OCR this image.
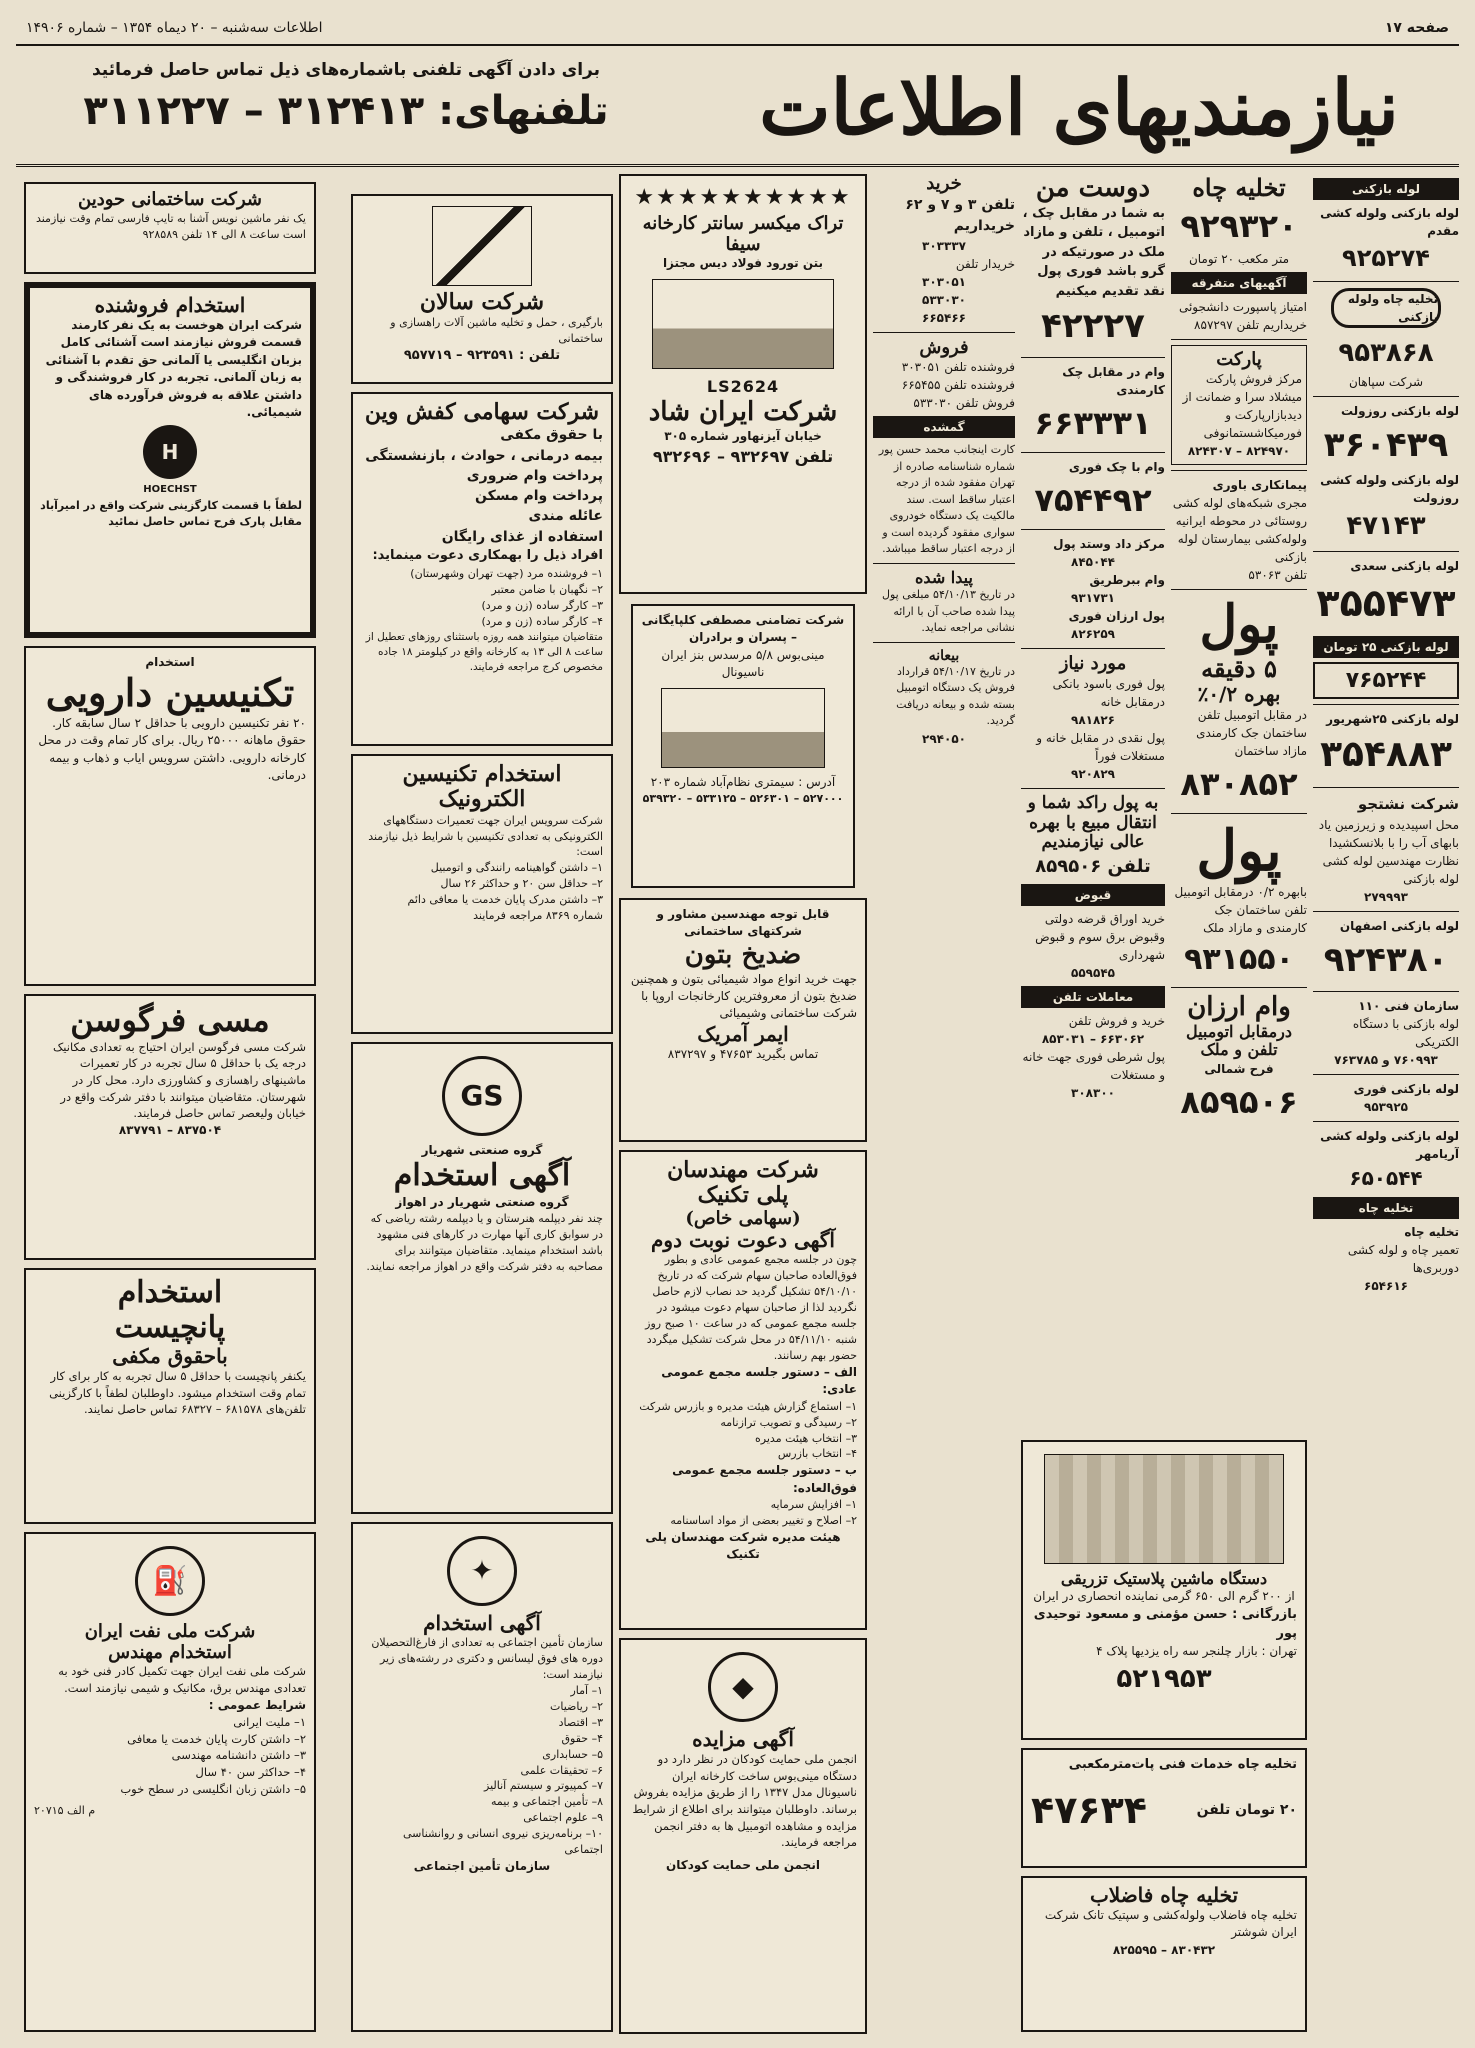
صفحه ۱۷
اطلاعات سه‌شنبه – ۲۰ دیماه ۱۳۵۴ – شماره ۱۴۹۰۶
نیازمندیهای اطلاعات
برای دادن آگهی تلفنی باشماره‌های ذیل تماس حاصل فرمائید
تلفنهای: ۳۱۲۴۱۳ – ۳۱۱۲۲۷
لوله بازکنی
لوله بازکنی ولوله کشی مقدم
۹۲۵۲۷۴
تخلیه چاه ولوله بازکنی
۹۵۳۸۶۸
شرکت سپاهان
لوله بازکنی روزولت
۳۶۰۴۳۹
لوله بازکنی ولوله کشی روزولت
۴۷۱۴۳
لوله بازکنی سعدی
۳۵۵۴۷۳
لوله بازکنی ۲۵ تومان
۷۶۵۲۴۴
لوله بازکنی ۲۵شهریور
۳۵۴۸۸۳
شرکت نشتجو
محل اسپیدیده و زیرزمین یاد بابهای آب را با بلانسکشیدا نظارت مهندسین لوله کشی لوله بازکنی
۲۷۹۹۹۳
لوله بازکنی اصفهان
۹۲۴۳۸۰
سازمان فنی ۱۱۰
لوله بازکنی با دستگاه الکتریکی
۷۶۰۹۹۳ و ۷۶۳۷۸۵
لوله بازکنی فوری
۹۵۳۹۲۵
لوله بازکنی ولوله کشی آریامهر
۶۵۰۵۴۴
تخلیه چاه
تخلیه چاه
تعمیر چاه و لوله کشی دوربری‌ها
۶۵۴۶۱۶
تخلیه چاه
۹۲۹۳۲۰
متر مکعب ۲۰ تومان
آگهیهای متفرقه
امتیاز پاسپورت دانشجوئی خریداریم تلفن ۸۵۷۲۹۷
پارکت
مرکز فروش پارکت میشلاد سرا و ضمانت از دیدبازارپارکت و فورمیکاشستمانوفی
۸۲۴۹۷۰ – ۸۲۴۳۰۷
پیمانکاری باوری
مجری شبکه‌های لوله کشی روستائی در محوطه ایرانیه ولوله‌کشی بیمارستان لوله بازکنی
تلفن ۵۳۰۶۳
پول
۵ دقیقه
بهره ۰/۲٪
در مقابل اتومبیل تلفن ساختمان جک کارمندی مازاد ساختمان
۸۳۰۸۵۲
پول
بابهره ۰/۲ درمقابل اتومبیل تلفن ساختمان جک کارمندی و مازاد ملک
۹۳۱۵۵۰
وام ارزان
درمقابل اتومبیل تلفن و ملک
فرح شمالی
۸۵۹۵۰۶
دستگاه ماشین پلاستیک تزریقی
از ۲۰۰ گرم الی ۶۵۰ گرمی نماینده انحصاری در ایران
بازرگانی : حسن مؤمنی و مسعود توحیدی پور
تهران : بازار چلنجر سه راه یزدیها پلاک ۴
۵۲۱۹۵۳
تخلیه چاه خدمات فنی پات‌مترمکعبی
۲۰ تومان تلفن
۴۷۶۳۴
تخلیه چاه فاضلاب
تخلیه چاه فاضلاب ولوله‌کشی و سپتیک تانک شرکت ایران شوشتر
۸۳۰۴۳۲ – ۸۲۵۵۹۵
دوست من
به شما در مقابل چک ، اتومبیل ، تلفن و مازاد ملک در صورتیکه در گرو باشد فوری پول نقد تقدیم میکنیم
۴۲۲۲۷
وام در مقابل چک کارمندی
۶۶۳۳۳۱
وام با چک فوری
۷۵۴۴۹۲
مرکز داد وستد پول
۸۴۵۰۴۴
وام ببرطریق
۹۳۱۷۳۱
پول ارزان فوری
۸۲۶۲۵۹
مورد نیاز
پول فوری باسود بانکی درمقابل خانه
۹۸۱۸۲۶
پول نقدی در مقابل خانه و مستغلات فوراً
۹۲۰۸۲۹
به پول راکد شما و انتقال مبیع با بهره عالی نیازمندیم
تلفن ۸۵۹۵۰۶
قبوض
خرید اوراق قرضه دولتی وقبوض برق سوم و قبوض شهرداری
۵۵۹۵۴۵
معاملات تلفن
خرید و فروش تلفن
۶۶۳۰۶۲ – ۸۵۳۰۳۱
پول شرطی فوری جهت خانه و مستغلات
۳۰۸۳۰۰
خرید
تلفن ۳ و ۷ و ۶۲ خریداریم
۳۰۳۳۳۷
خریدار تلفن
۳۰۳۰۵۱
۵۳۳۰۳۰
۶۶۵۴۶۶
فروش
فروشنده تلفن ۳۰۳۰۵۱
فروشنده تلفن ۶۶۵۴۵۵
فروش تلفن ۵۳۳۰۳۰
گمشده
کارت اینجانب محمد حسن پور شماره شناسنامه صادره از تهران مفقود شده از درجه اعتبار ساقط است. سند مالکیت یک دستگاه خودروی سواری مفقود گردیده است و از درجه اعتبار ساقط میباشد.
پیدا شده
در تاریخ ۵۴/۱۰/۱۳ مبلغی پول پیدا شده صاحب آن با ارائه نشانی مراجعه نماید.
بیعانه
در تاریخ ۵۴/۱۰/۱۷ قرارداد فروش یک دستگاه اتومبیل بسته شده و بیعانه دریافت گردید.
۲۹۴۰۵۰
★★★★★★★★★★
تراک میکسر سانتر کارخانه سیفا
بتن تورود فولاد دیس مجتزا
LS2624
شرکت ایران شاد
خیابان آیزنهاور شماره ۳۰۵
تلفن ۹۳۲۶۹۷ – ۹۳۲۶۹۶
شرکت تضامنی مصطفی کلپایگانی – پسران و برادران
مینی‌بوس ۵/۸ مرسدس بنز ایران ناسیونال
آدرس : سیمتری نظام‌آباد شماره ۲۰۳
۵۲۷۰۰۰ – ۵۲۶۳۰۱ – ۵۳۳۱۲۵ – ۵۳۹۳۲۰
قابل توجه مهندسین مشاور و شرکتهای ساختمانی
ضدیخ بتون
جهت خرید انواع مواد شیمیائی بتون و همچنین ضدیخ بتون از معروفترین کارخانجات اروپا با شرکت ساختمانی وشیمیائی
ایمر آمریک
تماس بگیرید ۴۷۶۵۳ و ۸۳۷۲۹۷
شرکت مهندسان
پلی تکنیک
(سهامی خاص)
آگهی دعوت نوبت دوم
چون در جلسه مجمع عمومی عادی و بطور فوق‌العاده صاحبان سهام شرکت که در تاریخ ۵۴/۱۰/۱۰ تشکیل گردید حد نصاب لازم حاصل نگردید لذا از صاحبان سهام دعوت میشود در جلسه مجمع عمومی که در ساعت ۱۰ صبح روز شنبه ۵۴/۱۱/۱۰ در محل شرکت تشکیل میگردد حضور بهم رسانند.
الف – دستور جلسه مجمع عمومی عادی:
۱– استماع گزارش هیئت مدیره و بازرس شرکت
۲– رسیدگی و تصویب ترازنامه
۳– انتخاب هیئت مدیره
۴– انتخاب بازرس
ب – دستور جلسه مجمع عمومی فوق‌العاده:
۱– افزایش سرمایه
۲– اصلاح و تغییر بعضی از مواد اساسنامه
هیئت مدیره شرکت مهندسان پلی تکنیک
◆
آگهی مزایده
انجمن ملی حمایت کودکان در نظر دارد دو دستگاه مینی‌بوس ساخت کارخانه ایران ناسیونال مدل ۱۳۴۷ را از طریق مزایده بفروش برساند. داوطلبان میتوانند برای اطلاع از شرایط مزایده و مشاهده اتومبیل ها به دفتر انجمن مراجعه فرمایند.
انجمن ملی حمایت کودکان
شرکت سالان
بارگیری ، حمل و تخلیه ماشین آلات راهسازی و ساختمانی
تلفن : ۹۲۳۵۹۱ – ۹۵۷۷۱۹
شرکت سهامی کفش وین
با حقوق مکفی
بیمه درمانی ، حوادث ، بازنشستگی
پرداخت وام ضروری
پرداخت وام مسکن
عائله مندی
استفاده از غذای رایگان
افراد ذیل را بهمکاری دعوت مینماید:
۱– فروشنده مرد (جهت تهران وشهرستان)
۲– نگهبان با ضامن معتبر
۳– کارگر ساده (زن و مرد)
۴– کارگر ساده (زن و مرد)
متقاضیان میتوانند همه روزه باستثنای روزهای تعطیل از ساعت ۸ الی ۱۳ به کارخانه واقع در کیلومتر ۱۸ جاده مخصوص کرج مراجعه فرمایند.
استخدام تکنیسین الکترونیک
شرکت سرویس ایران جهت تعمیرات دستگاههای الکترونیکی به تعدادی تکنیسین با شرایط ذیل نیازمند است:
۱– داشتن گواهینامه رانندگی و اتومبیل
۲– حداقل سن ۲۰ و حداکثر ۲۶ سال
۳– داشتن مدرک پایان خدمت یا معافی دائم
شماره ۸۳۶۹ مراجعه فرمایند
GS
گروه صنعتی شهریار
آگهی استخدام
گروه صنعتی شهریار در اهواز
چند نفر دیپلمه هنرستان و یا دیپلمه رشته ریاضی که در سوابق کاری آنها مهارت در کارهای فنی مشهود باشد استخدام مینماید. متقاضیان میتوانند برای مصاحبه به دفتر شرکت واقع در اهواز مراجعه نمایند.
✦
آگهی استخدام
سازمان تأمین اجتماعی به تعدادی از فارغ‌التحصیلان دوره های فوق لیسانس و دکتری در رشته‌های زیر نیازمند است:
۱– آمار
۲– ریاضیات
۳– اقتصاد
۴– حقوق
۵– حسابداری
۶– تحقیقات علمی
۷– کمپیوتر و سیستم آنالیز
۸– تأمین اجتماعی و بیمه
۹– علوم اجتماعی
۱۰– برنامه‌ریزی نیروی انسانی و روانشناسی اجتماعی
سازمان تأمین اجتماعی
شرکت ساختمانی حودین
یک نفر ماشین نویس آشنا به تایپ فارسی تمام وقت نیازمند است ساعت ۸ الی ۱۴ تلفن ۹۲۸۵۸۹
استخدام فروشنده
شرکت ایران هوخست به یک نفر کارمند قسمت فروش نیازمند است آشنائی کامل بزبان انگلیسی یا آلمانی حق تقدم با آشنائی به زبان آلمانی. تجربه در کار فروشندگی و داشتن علاقه به فروش فرآورده های شیمیائی.
H
HOECHST
لطفاً با قسمت کارگزینی شرکت واقع در امیرآباد مقابل پارک فرح تماس حاصل نمائید
استخدام
تکنیسین دارویی
۲۰ نفر تکنیسین دارویی با حداقل ۲ سال سابقه کار. حقوق ماهانه ۲۵۰۰۰ ریال. برای کار تمام وقت در محل کارخانه دارویی. داشتن سرویس ایاب و ذهاب و بیمه درمانی.
مسی فرگوسن
شرکت مسی فرگوسن ایران احتیاج به تعدادی مکانیک درجه یک با حداقل ۵ سال تجربه در کار تعمیرات ماشینهای راهسازی و کشاورزی دارد. محل کار در شهرستان. متقاضیان میتوانند با دفتر شرکت واقع در خیابان ولیعصر تماس حاصل فرمایند.
۸۳۷۵۰۴ – ۸۳۷۷۹۱
استخدام
پانچیست
باحقوق مکفی
یکنفر پانچیست با حداقل ۵ سال تجربه به کار برای کار تمام وقت استخدام میشود. داوطلبان لطفاً با کارگزینی تلفن‌های ۶۸۱۵۷۸ – ۶۸۳۲۷ تماس حاصل نمایند.
⛽
شرکت ملی نفت ایران
استخدام مهندس
شرکت ملی نفت ایران جهت تکمیل کادر فنی خود به تعدادی مهندس برق، مکانیک و شیمی نیازمند است.
شرایط عمومی :
۱– ملیت ایرانی
۲– داشتن کارت پایان خدمت یا معافی
۳– داشتن دانشنامه مهندسی
۴– حداکثر سن ۴۰ سال
۵– داشتن زبان انگلیسی در سطح خوب
م الف ۲۰۷۱۵
